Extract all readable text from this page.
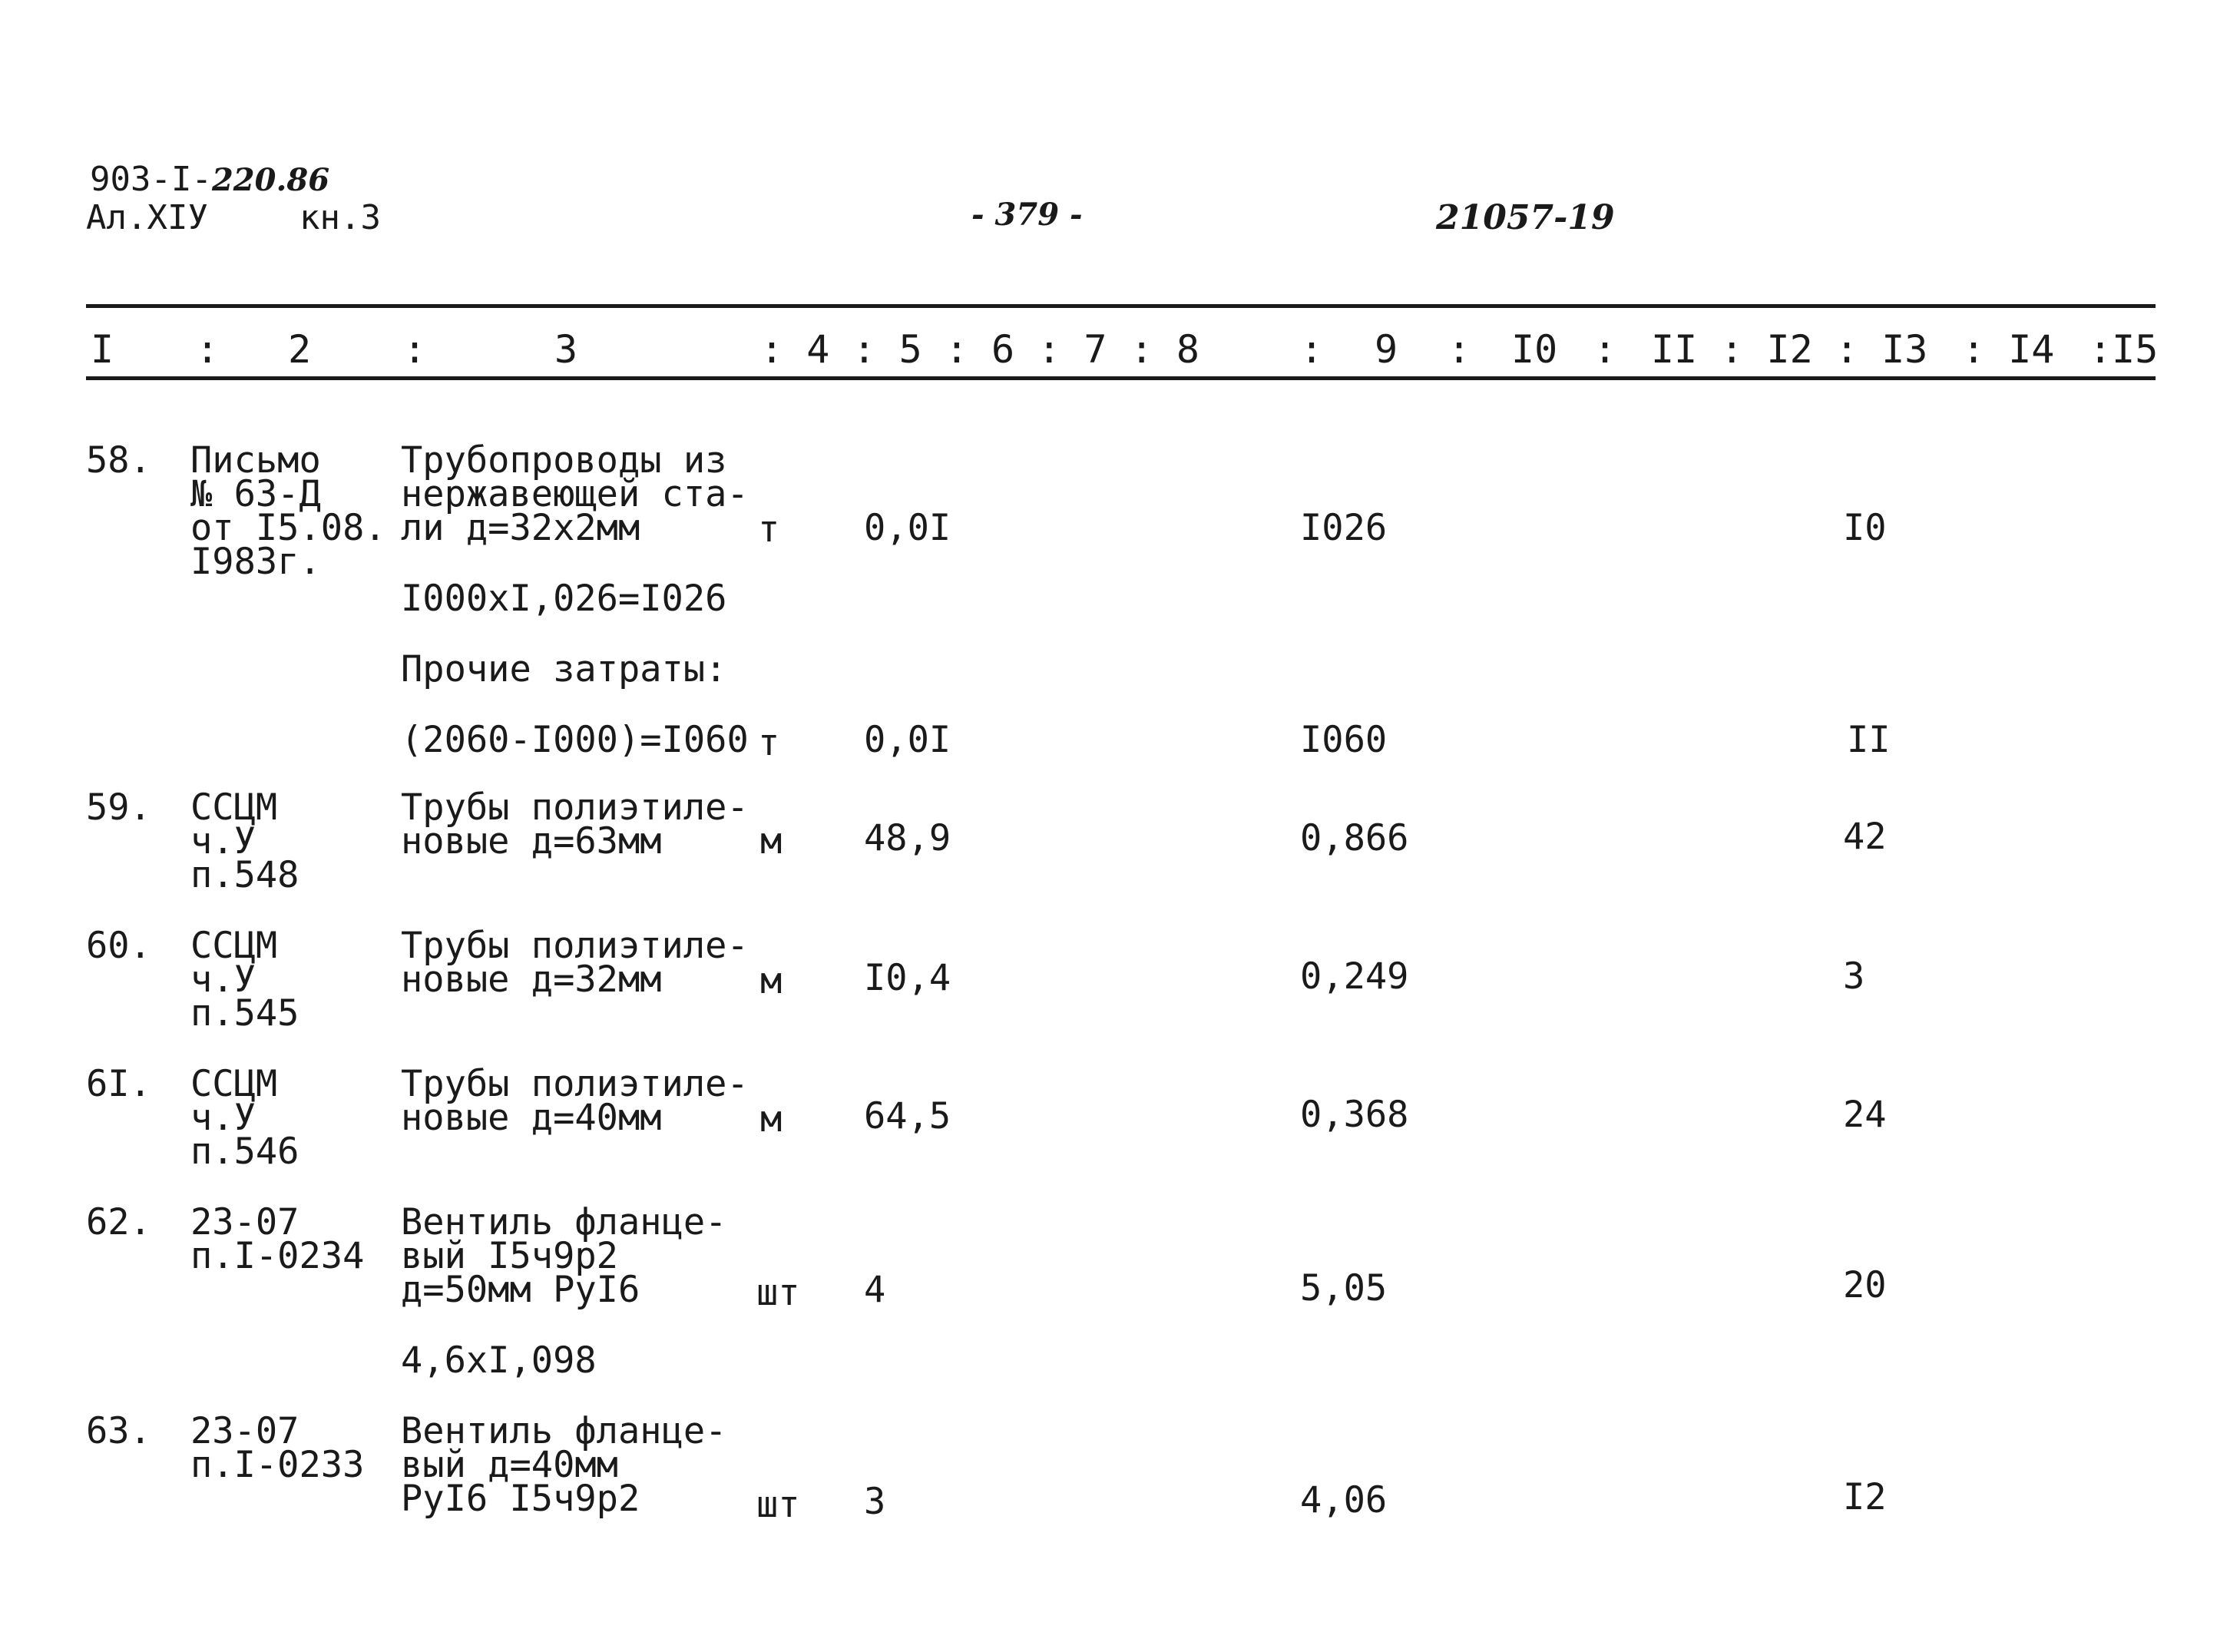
903-I-220.86
Ал.XIУ	кн.3	- 379 -	21057-19
I : 2 :	3	: 4 : 5 : 6 : 7 : 8	: 9 : I0 : II : I2 : I3 : I4 :I5
58. Письмо
№ 63-Д
от I5.08.
I983г.
Трубопроводы из
нержавеющей ста-
ли д=32х2мм	т 0,0I	I026	I0
I000xI,026=I026
Прочие затраты:
(2060-I000)=I060 т 0,0I	I060	II
59. ССЦМ
ч.У
п.548
Трубы полиэтиле-
новые д=63мм	м 48,9	0,866	42
60. ССЦМ
ч.У
п.545
Трубы полиэтиле-
новые д=32мм	м I0,4	0,249	3
6I. ССЦМ
ч.У
п.546
Трубы полиэтиле-
новые д=40мм	м 64,5	0,368	24
62. 23-07
п.I-0234
Вентиль фланце-
вый I5ч9р2
д=50мм РуI6	шт 4	5,05	20
4,6xI,098
63. 23-07
п.I-0233
Вентиль фланце-
вый д=40мм
РуI6 I5ч9р2	шт 3	4,06	I2
